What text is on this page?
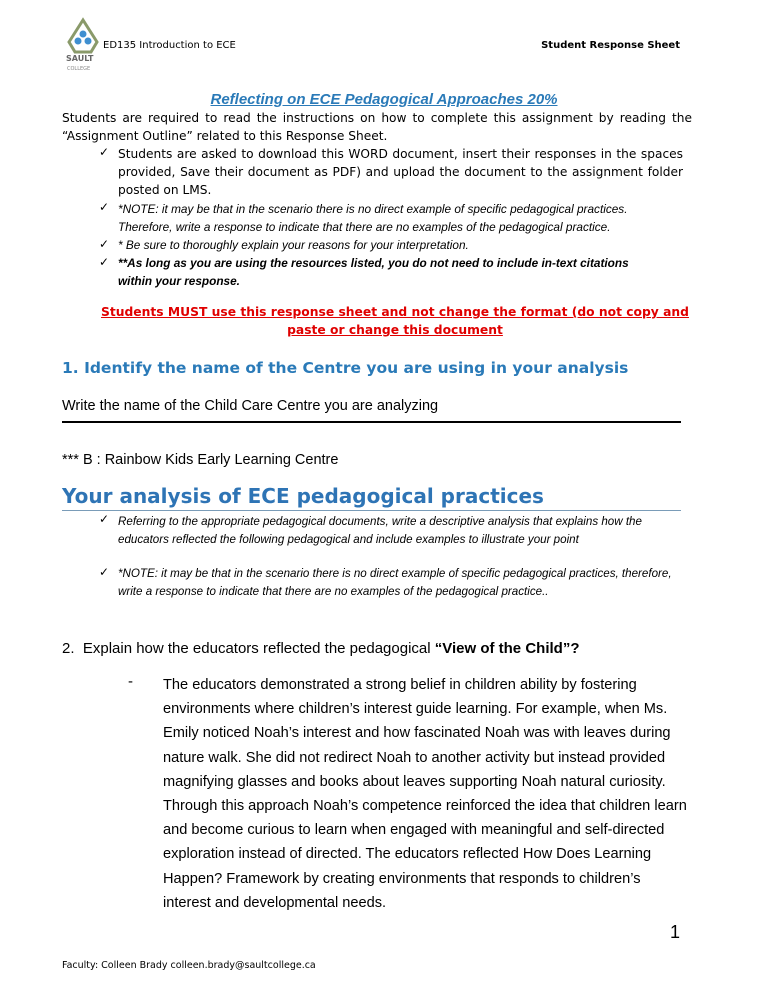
SAULT
COLLEGE
ED135 Introduction to ECE	Student Response Sheet
Reflecting on ECE Pedagogical Approaches 20%
Students are required to read the instructions on how to complete this assignment by reading the
“Assignment Outline” related to this Response Sheet.
✓ Students are asked to download this WORD document, insert their responses in the spaces provided, Save their document as PDF) and upload the document to the assignment folder posted on LMS.
✓ *NOTE: it may be that in the scenario there is no direct example of specific pedagogical practices. Therefore, write a response to indicate that there are no examples of the pedagogical practice.
✓ * Be sure to thoroughly explain your reasons for your interpretation.
✓ **As long as you are using the resources listed, you do not need to include in-text citations within your response.
Students MUST use this response sheet and not change the format (do not copy and paste or change this document
1. Identify the name of the Centre you are using in your analysis
Write the name of the Child Care Centre you are analyzing
*** B : Rainbow Kids Early Learning Centre
Your analysis of ECE pedagogical practices
✓ Referring to the appropriate pedagogical documents, write a descriptive analysis that explains how the educators reflected the following pedagogical and include examples to illustrate your point
✓ *NOTE: it may be that in the scenario there is no direct example of specific pedagogical practices, therefore, write a response to indicate that there are no examples of the pedagogical practice..
2.  Explain how the educators reflected the pedagogical “View of the Child”?
- The educators demonstrated a strong belief in children ability by fostering environments where children’s interest guide learning. For example, when Ms. Emily noticed Noah’s interest and how fascinated Noah was with leaves during nature walk. She did not redirect Noah to another activity but instead provided magnifying glasses and books about leaves supporting Noah natural curiosity. Through this approach Noah’s competence reinforced the idea that children learn and become curious to learn when engaged with meaningful and self-directed exploration instead of directed. The educators reflected How Does Learning Happen? Framework by creating environments that responds to children’s interest and developmental needs.
1
Faculty: Colleen Brady colleen.brady@saultcollege.ca
